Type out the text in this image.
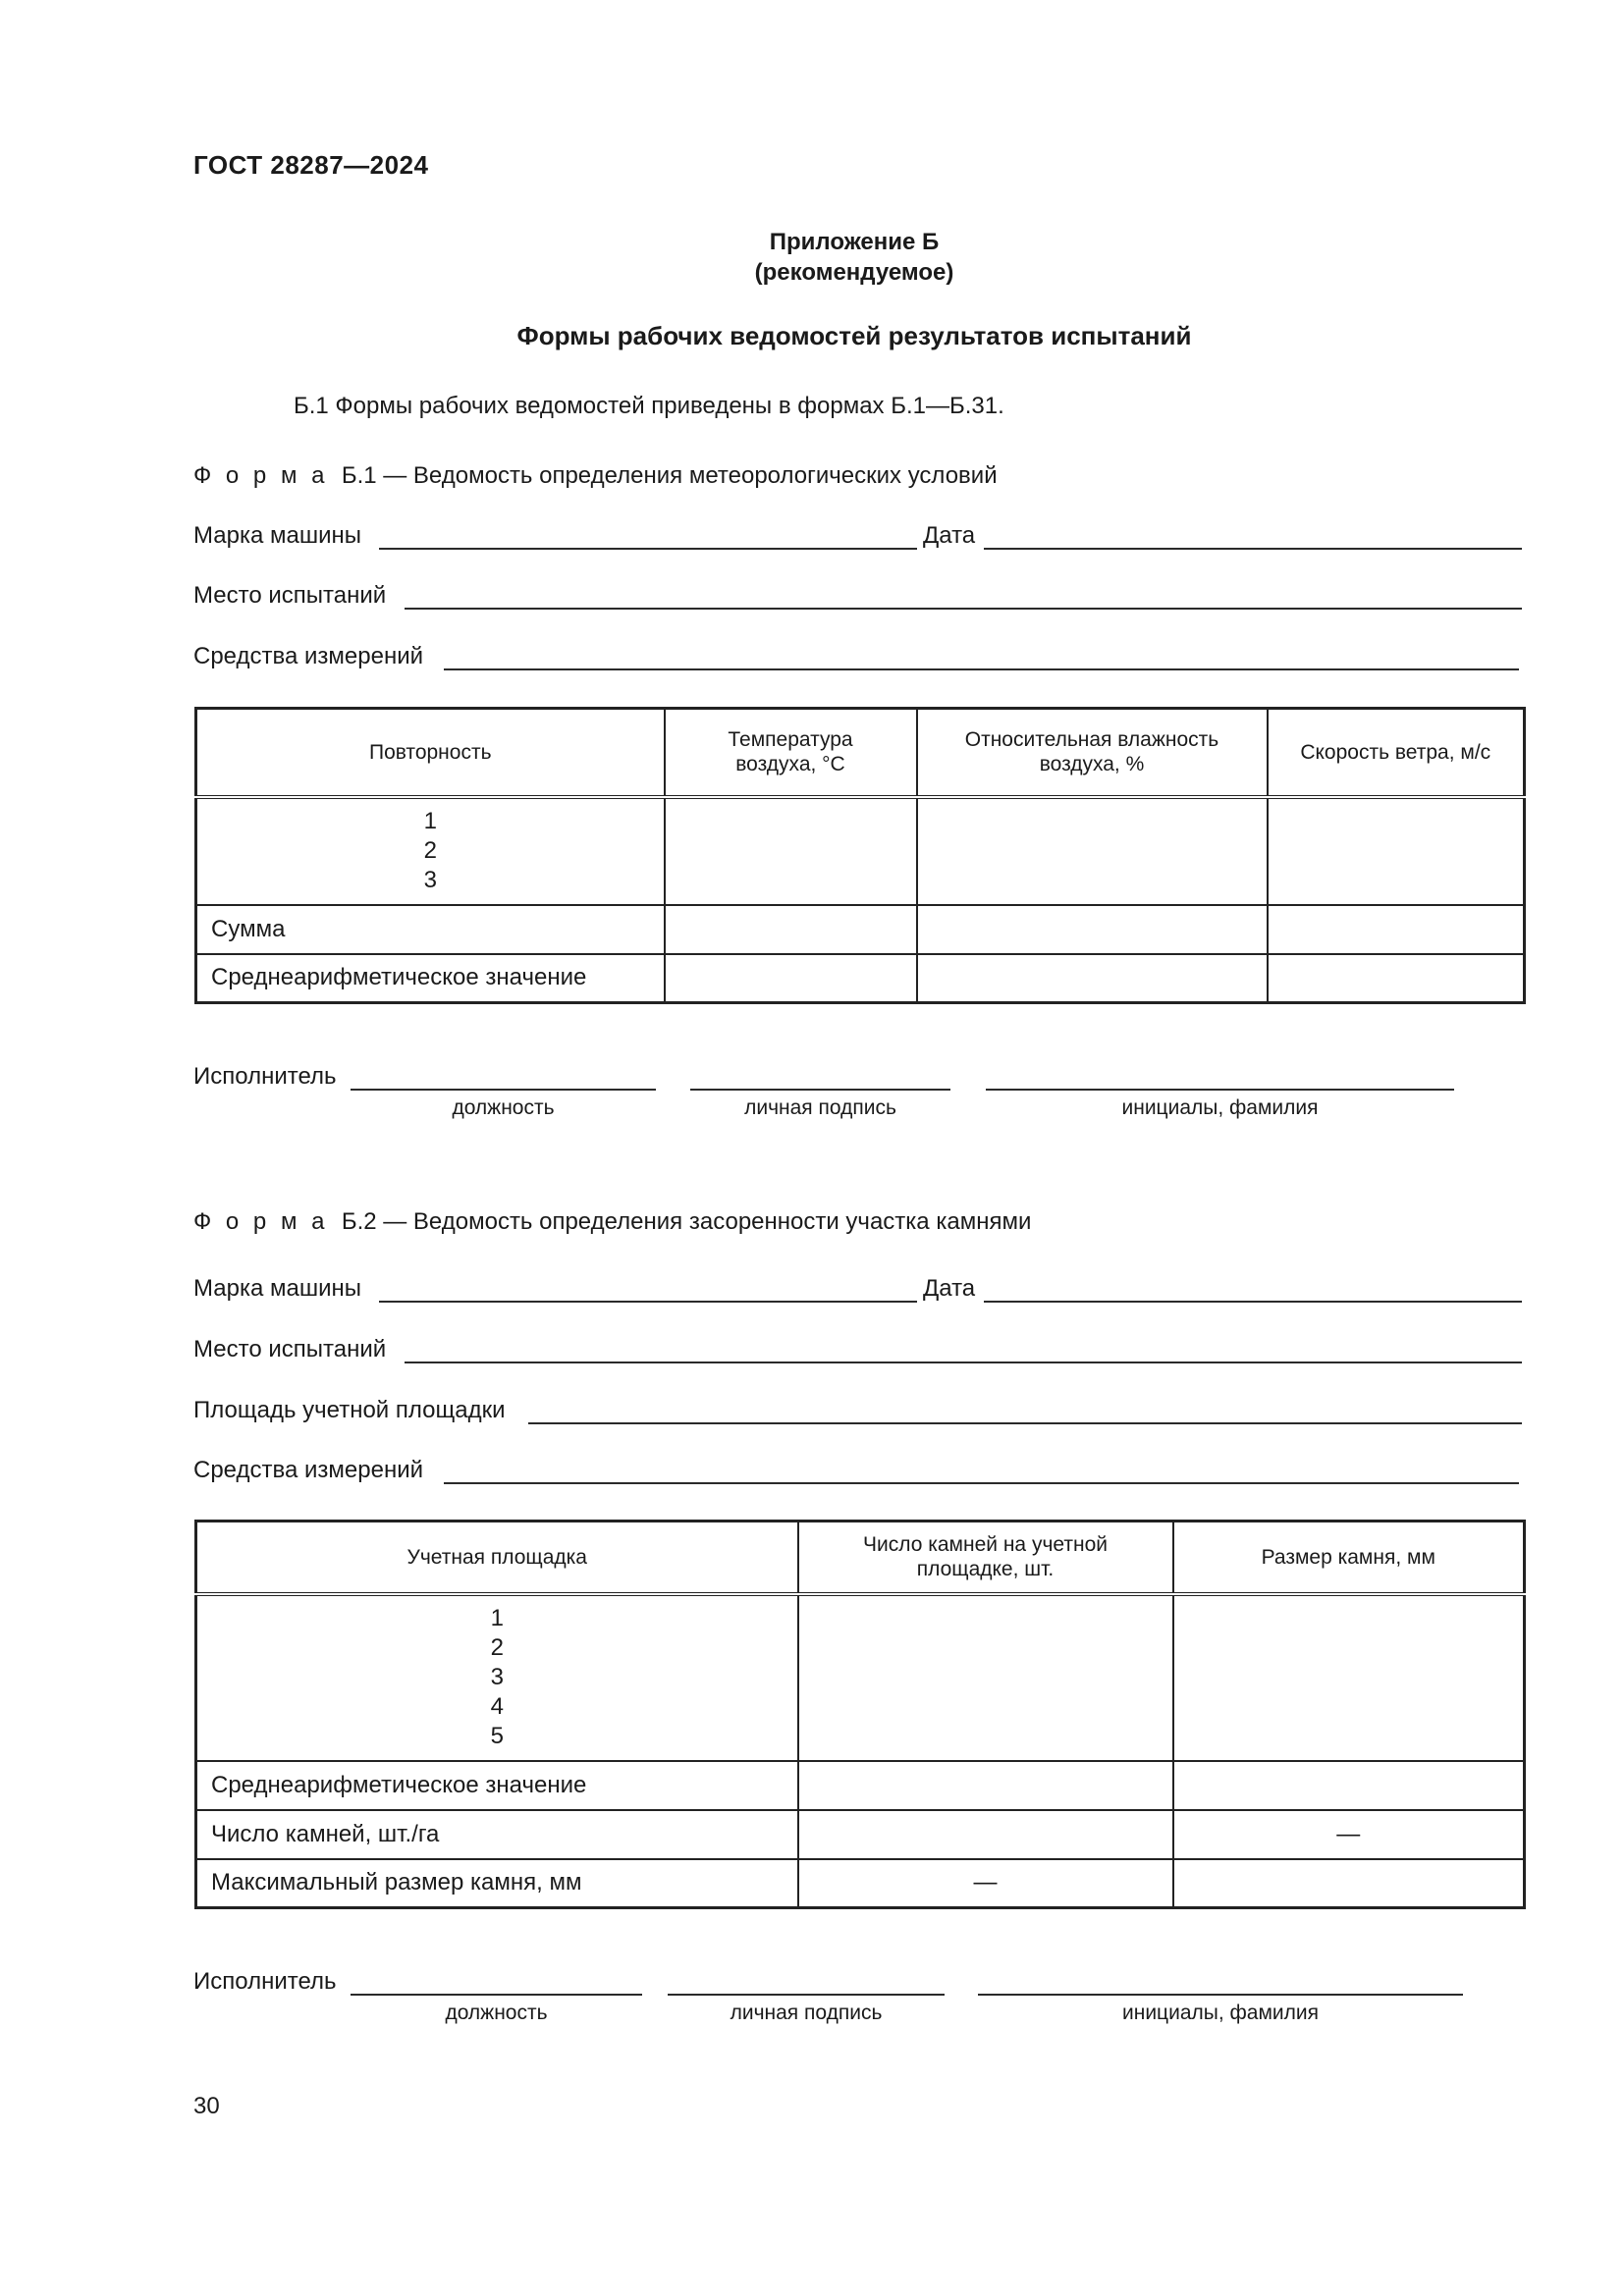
ГОСТ 28287—2024
Приложение Б
(рекомендуемое)
Формы рабочих ведомостей результатов испытаний
Б.1 Формы рабочих ведомостей приведены в формах Б.1—Б.31.
Ф о р м а Б.1 — Ведомость определения метеорологических условий
Марка машины	Дата
Место испытаний
Средства измерений
Повторность	Температура воздуха, °С	Относительная влажность воздуха, %	Скорость ветра, м/с

1
2
3			

Сумма			
Среднеарифметическое значение			
Исполнитель
должность	личная подпись	инициалы, фамилия
Ф о р м а Б.2 — Ведомость определения засоренности участка камнями
Марка машины	Дата
Место испытаний
Площадь учетной площадки
Средства измерений
Учетная площадка	Число камней на учетной площадке, шт.	Размер камня, мм

1
2
3
4
5		

Среднеарифметическое значение		
Число камней, шт./га		—
Максимальный размер камня, мм	—	
Исполнитель
должность	личная подпись	инициалы, фамилия
30
